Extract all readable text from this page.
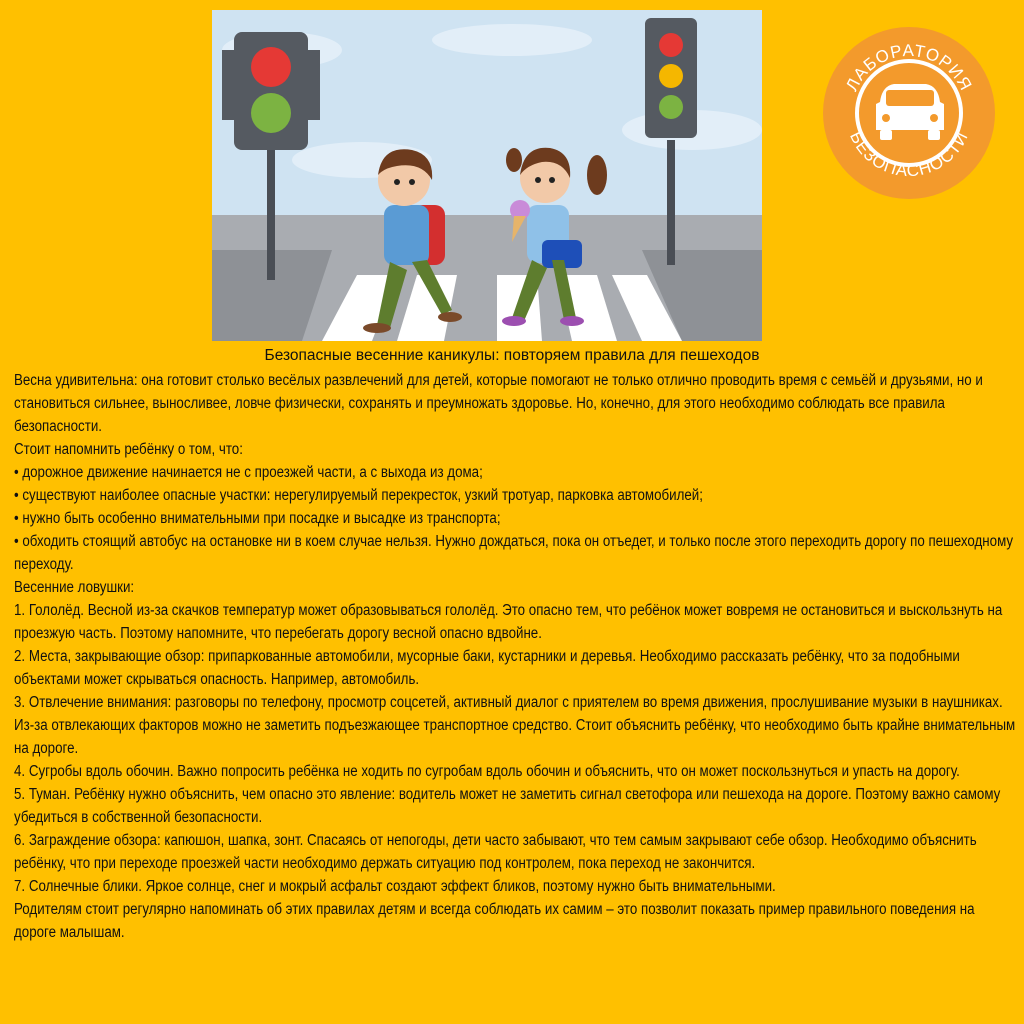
ЛАБОРАТОРИЯ
БЕЗОПАСНОСТИ
Безопасные весенние каникулы: повторяем правила для пешеходов

Весна удивительна: она готовит столько весёлых развлечений для детей, которые помогают не только отлично проводить время с семьёй и друзьями, но и становиться сильнее, выносливее, ловче физически, сохранять и преумножать здоровье. Но, конечно, для этого необходимо соблюдать все правила безопасности.

Стоит напомнить ребёнку о том, что:

• дорожное движение начинается не с проезжей части, а с выхода из дома;

• существуют наиболее опасные участки: нерегулируемый перекресток, узкий тротуар, парковка автомобилей;

• нужно быть особенно внимательными при посадке и высадке из транспорта;

• обходить стоящий автобус на остановке ни в коем случае нельзя. Нужно дождаться, пока он отъедет, и только после этого переходить дорогу по пешеходному переходу.

Весенние ловушки:

1. Гололёд. Весной из-за скачков температур может образовываться гололёд. Это опасно тем, что ребёнок может вовремя не остановиться и выскользнуть на проезжую часть. Поэтому напомните, что перебегать дорогу весной опасно вдвойне.

2. Места, закрывающие обзор: припаркованные автомобили, мусорные баки, кустарники и деревья. Необходимо рассказать ребёнку, что за подобными объектами может скрываться опасность. Например, автомобиль.

3. Отвлечение внимания: разговоры по телефону, просмотр соцсетей, активный диалог с приятелем во время движения, прослушивание музыки в наушниках. Из-за отвлекающих факторов можно не заметить подъезжающее транспортное средство. Стоит объяснить ребёнку, что необходимо быть крайне внимательным на дороге.

4. Сугробы вдоль обочин. Важно попросить ребёнка не ходить по сугробам вдоль обочин и объяснить, что он может поскользнуться и упасть на дорогу.

5. Туман. Ребёнку нужно объяснить, чем опасно это явление: водитель может не заметить сигнал светофора или пешехода на дороге. Поэтому важно самому убедиться в собственной безопасности.

6. Заграждение обзора: капюшон, шапка, зонт. Спасаясь от непогоды, дети часто забывают, что тем самым закрывают себе обзор. Необходимо объяснить ребёнку, что при переходе проезжей части необходимо держать ситуацию под контролем, пока переход не закончится.

7. Солнечные блики. Яркое солнце, снег и мокрый асфальт создают эффект бликов, поэтому нужно быть внимательными.

Родителям стоит регулярно напоминать об этих правилах детям и всегда соблюдать их самим – это позволит показать пример правильного поведения на дороге малышам.
